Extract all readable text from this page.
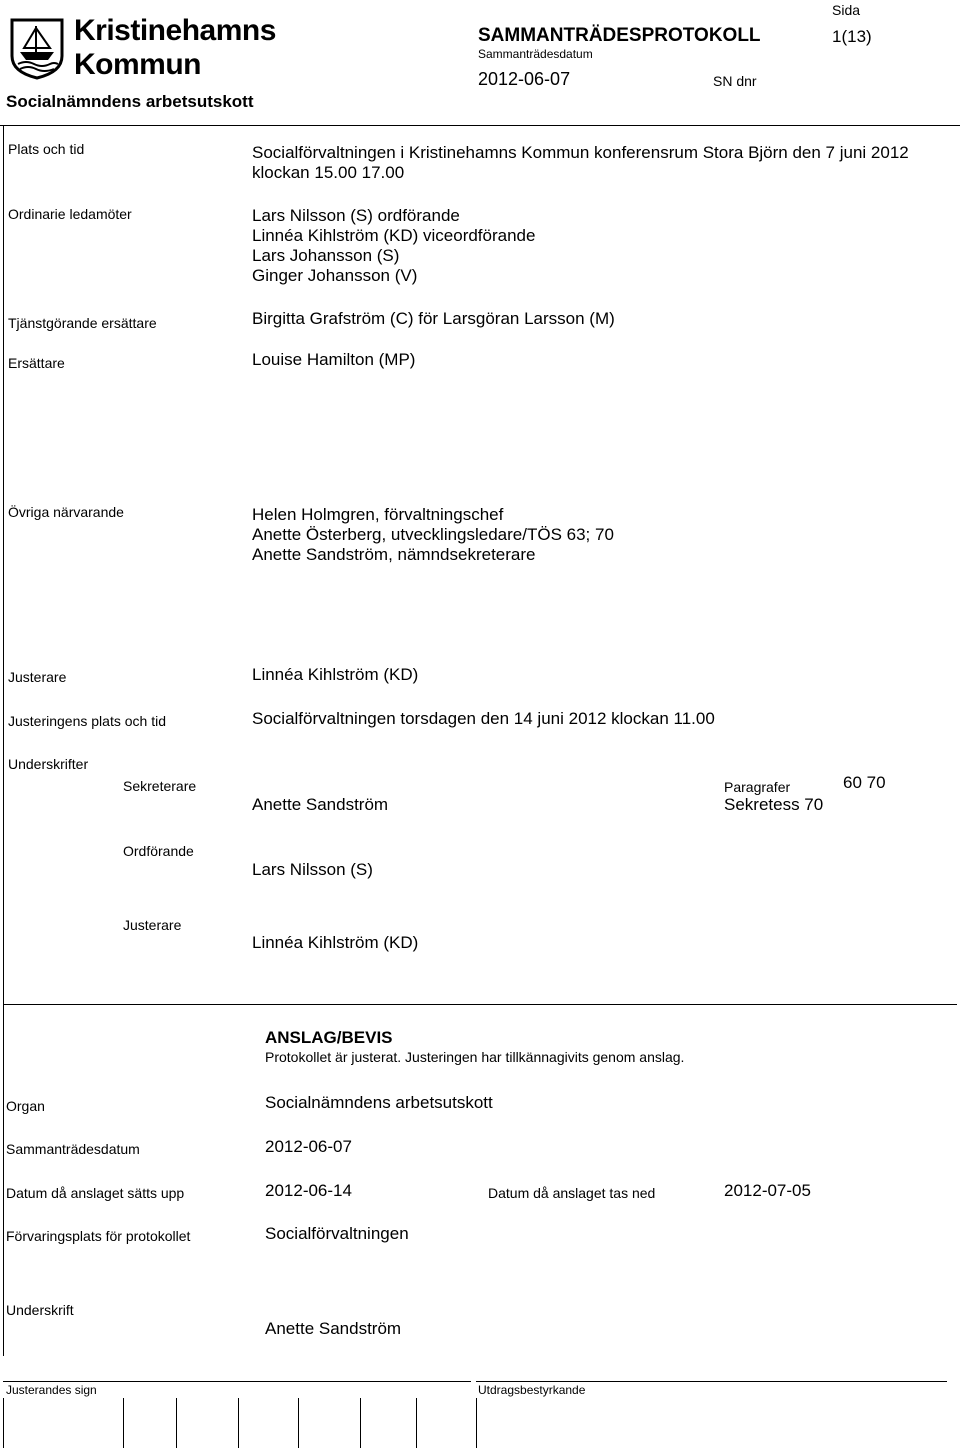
Kristinehamns
Kommun
Socialnämndens arbetsutskott
SAMMANTRÄDESPROTOKOLL
Sammanträdesdatum
2012-06-07	SN dnr
Sida
1(13)
Plats och tid	Socialförvaltningen i Kristinehamns Kommun konferensrum Stora Björn den 7 juni 2012
klockan 15.00 17.00
Ordinarie ledamöter	Lars Nilsson (S) ordförande
Linnéa Kihlström (KD) viceordförande
Lars Johansson (S)
Ginger Johansson (V)
Tjänstgörande ersättare	Birgitta Grafström (C) för Larsgöran Larsson (M)
Ersättare	Louise Hamilton (MP)
Övriga närvarande	Helen Holmgren, förvaltningschef
Anette Österberg, utvecklingsledare/TÖS 63; 70
Anette Sandström, nämndsekreterare
Justerare	Linnéa Kihlström (KD)
Justeringens plats och tid	Socialförvaltningen torsdagen den 14 juni 2012 klockan 11.00
Underskrifter
Sekreterare
Anette Sandström
Paragrafer	60 70
Sekretess 70
Ordförande
Lars Nilsson (S)
Justerare
Linnéa Kihlström (KD)
ANSLAG/BEVIS
Protokollet är justerat. Justeringen har tillkännagivits genom anslag.
Organ	Socialnämndens arbetsutskott
Sammanträdesdatum	2012-06-07
Datum då anslaget sätts upp	2012-06-14	Datum då anslaget tas ned	2012-07-05
Förvaringsplats för protokollet	Socialförvaltningen
Underskrift
Anette Sandström
Justerandes sign	Utdragsbestyrkande
